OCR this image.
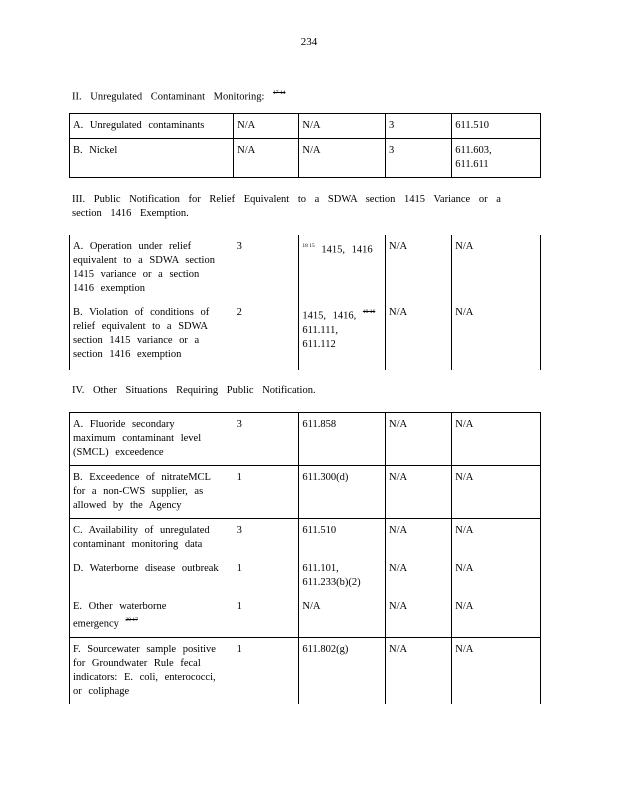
234
II. Unregulated Contaminant Monitoring: $^{17 14}$
A. Unregulated contaminants	N/A	N/A	3	611.510
B. Nickel	N/A	N/A	3	611.603, 611.611
III. Public Notification for Relief Equivalent to a SDWA section 1415 Variance or a section 1416 Exemption.
A. Operation under relief equivalent to a SDWA section 1415 variance or a section 1416 exemption	3	$^{18 15}$ 1415, 1416	N/A	N/A
B. Violation of conditions of relief equivalent to a SDWA section 1415 variance or a section 1416 exemption	2	1415, 1416, $^{19 16}$
611.111,
611.112	N/A	N/A
IV. Other Situations Requiring Public Notification.
A. Fluoride secondary maximum contaminant level (SMCL) exceedence	3	611.858	N/A	N/A
B. Exceedence of nitrateMCL for a non-CWS supplier, as allowed by the Agency	1	611.300(d)	N/A	N/A
C. Availability of unregulated contaminant monitoring data	3	611.510	N/A	N/A
D. Waterborne disease outbreak	1	611.101, 611.233(b)(2)	N/A	N/A
E. Other waterborne emergency $^{20 17}$	1	N/A	N/A	N/A
F. Sourcewater sample positive for Groundwater Rule fecal indicators: E. coli, enterococci, or coliphage	1	611.802(g)	N/A	N/A
